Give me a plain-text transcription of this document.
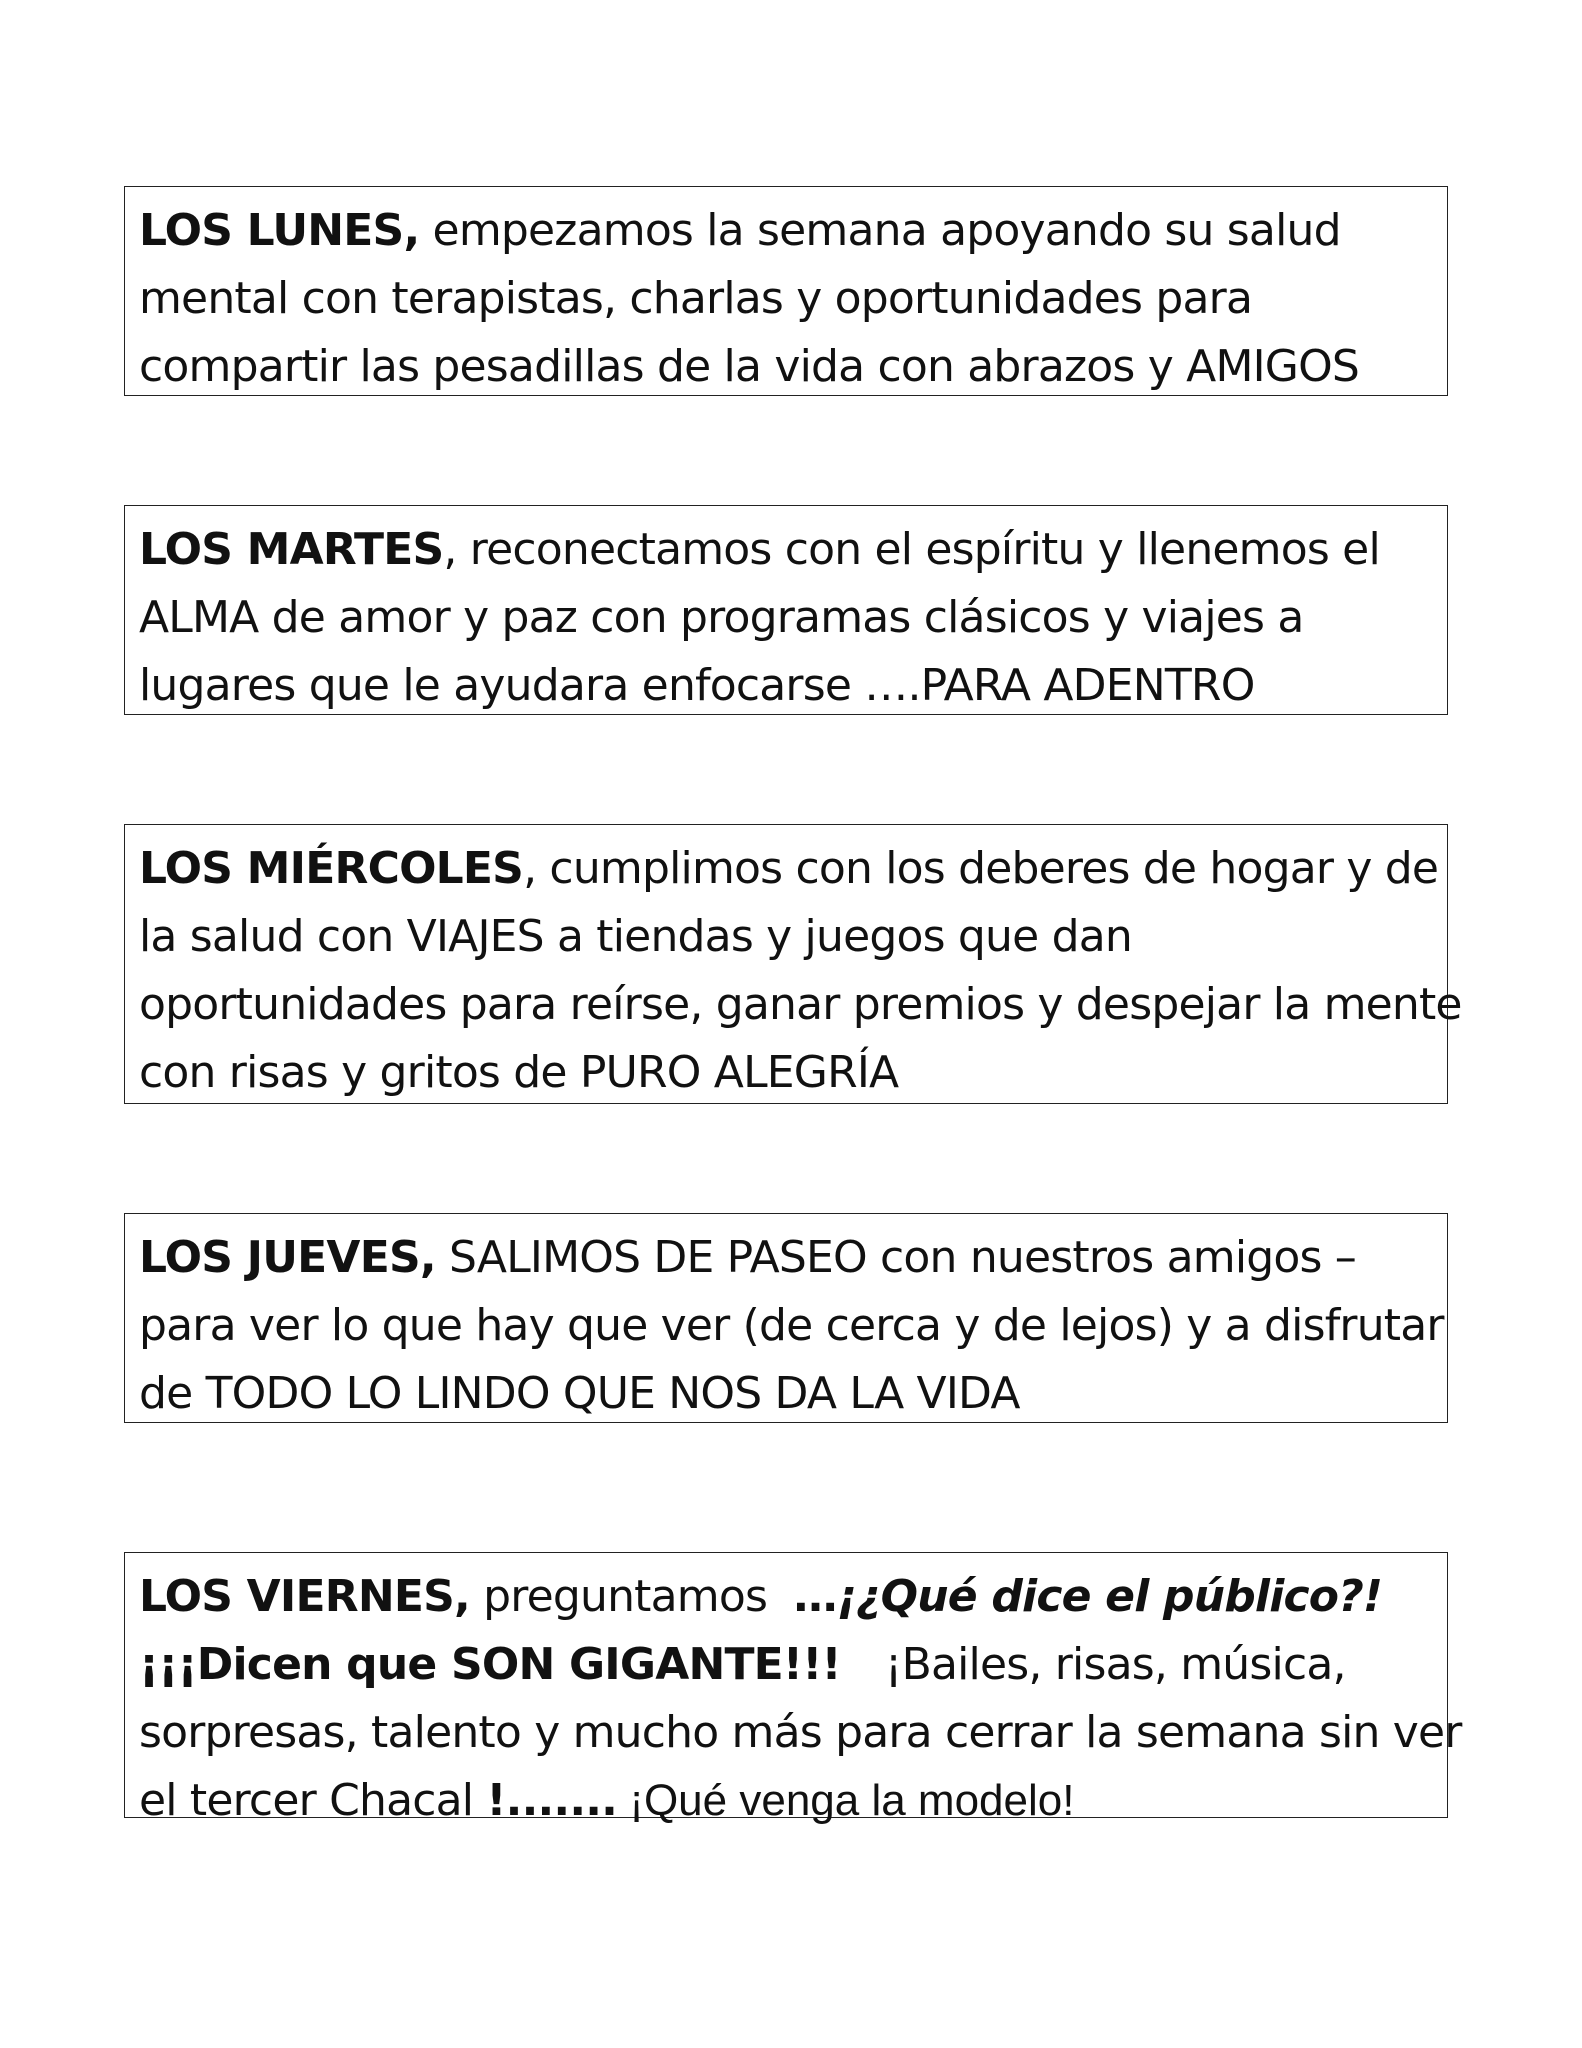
LOS LUNES, empezamos la semana apoyando su salud
mental con terapistas, charlas y oportunidades para
compartir las pesadillas de la vida con abrazos y AMIGOS
LOS MARTES, reconectamos con el espíritu y llenemos el
ALMA de amor y paz con programas clásicos y viajes a
lugares que le ayudara enfocarse ….PARA ADENTRO
LOS MIÉRCOLES, cumplimos con los deberes de hogar y de
la salud con VIAJES a tiendas y juegos que dan
oportunidades para reírse, ganar premios y despejar la mente
con risas y gritos de PURO ALEGRÍA
LOS JUEVES, SALIMOS DE PASEO con nuestros amigos –
para ver lo que hay que ver (de cerca y de lejos) y a disfrutar
de TODO LO LINDO QUE NOS DA LA VIDA
LOS VIERNES, preguntamos  …¡¿Qué dice el público?!
¡¡¡Dicen que SON GIGANTE!!! ¡Bailes, risas, música,
sorpresas, talento y mucho más para cerrar la semana sin ver
el tercer Chacal !....... ¡Qué venga la modelo!
